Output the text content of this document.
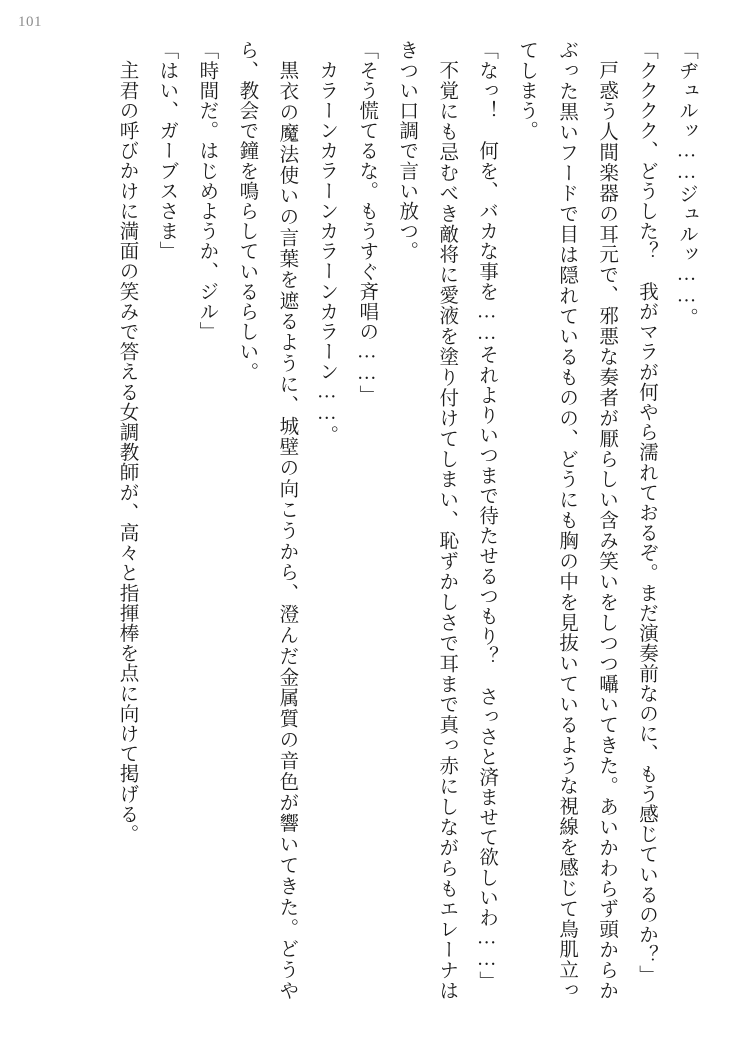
101

「ヂュルッ……ジュルッ……。

「クククク、どうした？　我がマラが何やら濡れておるぞ。まだ演奏前なのに、もう感じているのか？」

戸惑う人間楽器の耳元で、邪悪な奏者が厭らしい含み笑いをしつつ囁いてきた。あいかわらず頭からかぶった黒いフードで目は隠れているものの、どうにも胸の中を見抜いているような視線を感じて鳥肌立ってしまう。

「なっ！　何を、バカな事を……それよりいつまで待たせるつもり？　さっさと済ませて欲しいわ……」

不覚にも忌むべき敵将に愛液を塗り付けてしまい、恥ずかしさで耳まで真っ赤にしながらもエレーナはきつい口調で言い放つ。

「そう慌てるな。もうすぐ斉唱の……」

カラーンカラーンカラーンカラーン……。

黒衣の魔法使いの言葉を遮るように、城壁の向こうから、澄んだ金属質の音色が響いてきた。どうやら、教会で鐘を鳴らしているらしい。

「時間だ。はじめようか、ジル」

「はい、ガーブスさま」

主君の呼びかけに満面の笑みで答える女調教師が、高々と指揮棒を点に向けて掲げる。
